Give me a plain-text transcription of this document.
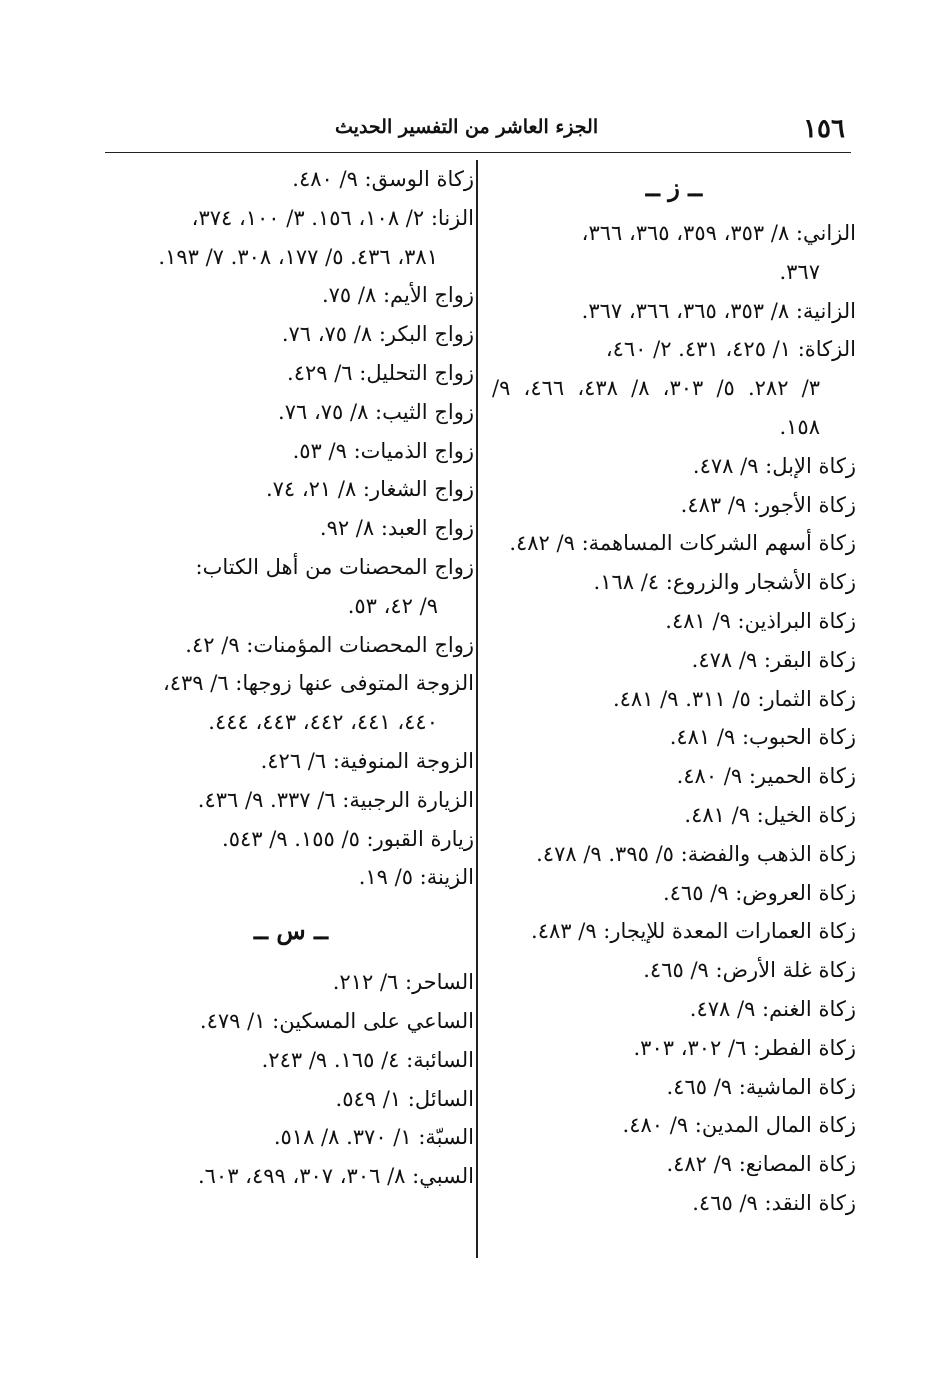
١٥٦
الجزء العاشر من التفسير الحديث
ــ ز ــ
الزاني: ٨/ ٣٥٣، ٣٥٩، ٣٦٥، ٣٦٦،
٣٦٧.
الزانية: ٨/ ٣٥٣، ٣٦٥، ٣٦٦، ٣٦٧.
الزكاة: ١/ ٤٢٥، ٤٣١. ٢/ ٤٦٠،
٣/ ٢٨٢. ٥/ ٣٠٣، ٨/ ٤٣٨، ٤٦٦، ٩/ ١٥٨.
زكاة الإبل: ٩/ ٤٧٨.
زكاة الأجور: ٩/ ٤٨٣.
زكاة أسهم الشركات المساهمة: ٩/ ٤٨٢.
زكاة الأشجار والزروع: ٤/ ١٦٨.
زكاة البراذين: ٩/ ٤٨١.
زكاة البقر: ٩/ ٤٧٨.
زكاة الثمار: ٥/ ٣١١. ٩/ ٤٨١.
زكاة الحبوب: ٩/ ٤٨١.
زكاة الحمير: ٩/ ٤٨٠.
زكاة الخيل: ٩/ ٤٨١.
زكاة الذهب والفضة: ٥/ ٣٩٥. ٩/ ٤٧٨.
زكاة العروض: ٩/ ٤٦٥.
زكاة العمارات المعدة للإيجار: ٩/ ٤٨٣.
زكاة غلة الأرض: ٩/ ٤٦٥.
زكاة الغنم: ٩/ ٤٧٨.
زكاة الفطر: ٦/ ٣٠٢، ٣٠٣.
زكاة الماشية: ٩/ ٤٦٥.
زكاة المال المدين: ٩/ ٤٨٠.
زكاة المصانع: ٩/ ٤٨٢.
زكاة النقد: ٩/ ٤٦٥.
زكاة الوسق: ٩/ ٤٨٠.
الزنا: ٢/ ١٠٨، ١٥٦. ٣/ ١٠٠، ٣٧٤،
٣٨١، ٤٣٦. ٥/ ١٧٧، ٣٠٨. ٧/ ١٩٣.
زواج الأيم: ٨/ ٧٥.
زواج البكر: ٨/ ٧٥، ٧٦.
زواج التحليل: ٦/ ٤٢٩.
زواج الثيب: ٨/ ٧٥، ٧٦.
زواج الذميات: ٩/ ٥٣.
زواج الشغار: ٨/ ٢١، ٧٤.
زواج العبد: ٨/ ٩٢.
زواج المحصنات من أهل الكتاب:
٩/ ٤٢، ٥٣.
زواج المحصنات المؤمنات: ٩/ ٤٢.
الزوجة المتوفى عنها زوجها: ٦/ ٤٣٩،
٤٤٠، ٤٤١، ٤٤٢، ٤٤٣، ٤٤٤.
الزوجة المنوفية: ٦/ ٤٢٦.
الزيارة الرجبية: ٦/ ٣٣٧. ٩/ ٤٣٦.
زيارة القبور: ٥/ ١٥٥. ٩/ ٥٤٣.
الزينة: ٥/ ١٩.
ــ س ــ
الساحر: ٦/ ٢١٢.
الساعي على المسكين: ١/ ٤٧٩.
السائبة: ٤/ ١٦٥. ٩/ ٢٤٣.
السائل: ١/ ٥٤٩.
السبّة: ١/ ٣٧٠. ٨/ ٥١٨.
السبي: ٨/ ٣٠٦، ٣٠٧، ٤٩٩، ٦٠٣.
